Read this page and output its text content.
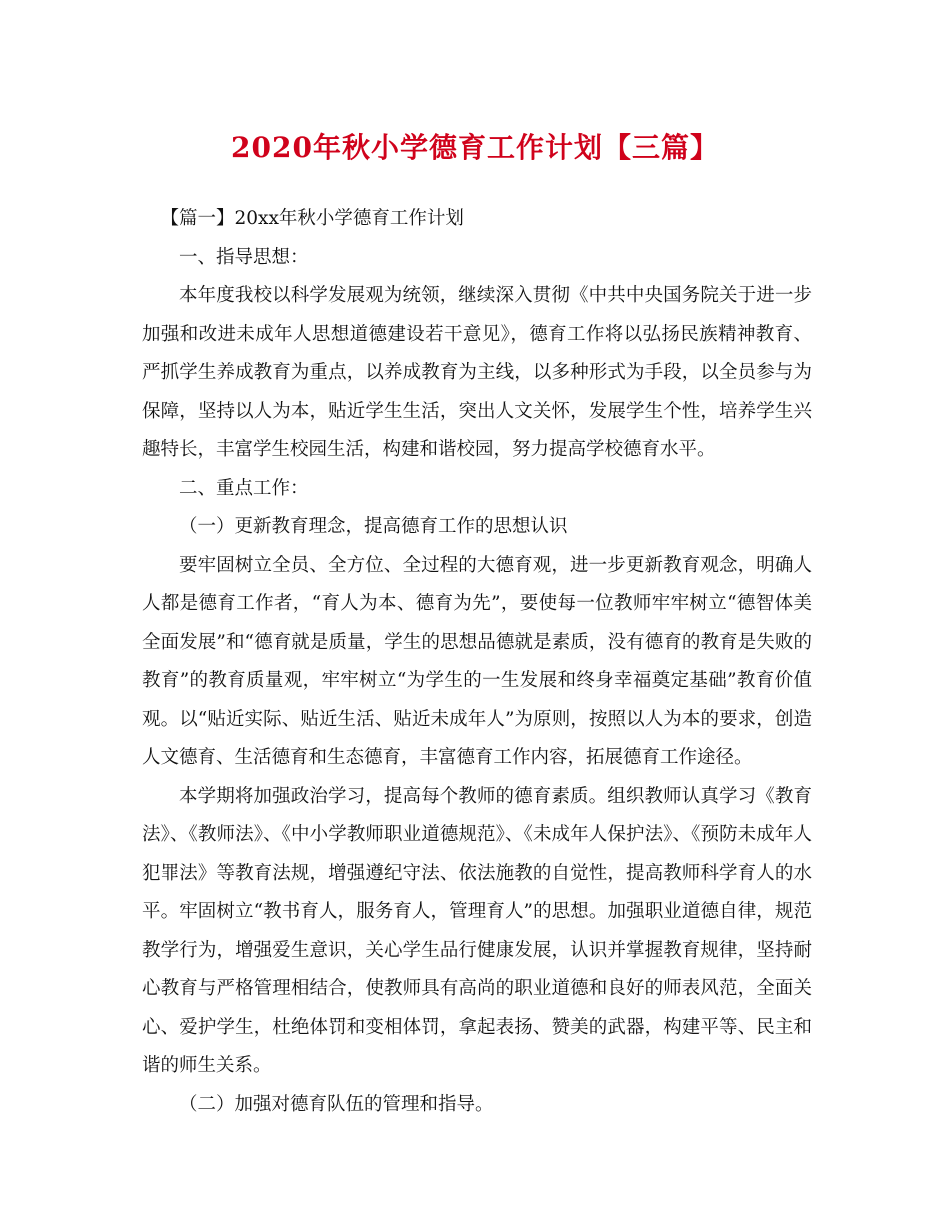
2020年秋小学德育工作计划【三篇】

【篇一】20xx年秋小学德育工作计划

一、指导思想：

本年度我校以科学发展观为统领，继续深入贯彻《中共中央国务院关于进一步加强和改进未成年人思想道德建设若干意见》，德育工作将以弘扬民族精神教育、严抓学生养成教育为重点，以养成教育为主线，以多种形式为手段，以全员参与为保障，坚持以人为本，贴近学生生活，突出人文关怀，发展学生个性，培养学生兴趣特长，丰富学生校园生活，构建和谐校园，努力提高学校德育水平。

二、重点工作：

（一）更新教育理念，提高德育工作的思想认识

要牢固树立全员、全方位、全过程的大德育观，进一步更新教育观念，明确人人都是德育工作者，“育人为本、德育为先”，要使每一位教师牢牢树立“德智体美全面发展”和“德育就是质量，学生的思想品德就是素质，没有德育的教育是失败的教育”的教育质量观，牢牢树立“为学生的一生发展和终身幸福奠定基础”教育价值观。以“贴近实际、贴近生活、贴近未成年人”为原则，按照以人为本的要求，创造人文德育、生活德育和生态德育，丰富德育工作内容，拓展德育工作途径。

本学期将加强政治学习，提高每个教师的德育素质。组织教师认真学习《教育法》、《教师法》、《中小学教师职业道德规范》、《未成年人保护法》、《预防未成年人犯罪法》等教育法规，增强遵纪守法、依法施教的自觉性，提高教师科学育人的水平。牢固树立“教书育人，服务育人，管理育人”的思想。加强职业道德自律，规范教学行为，增强爱生意识，关心学生品行健康发展，认识并掌握教育规律，坚持耐心教育与严格管理相结合，使教师具有高尚的职业道德和良好的师表风范，全面关心、爱护学生，杜绝体罚和变相体罚，拿起表扬、赞美的武器，构建平等、民主和谐的师生关系。

（二）加强对德育队伍的管理和指导。
